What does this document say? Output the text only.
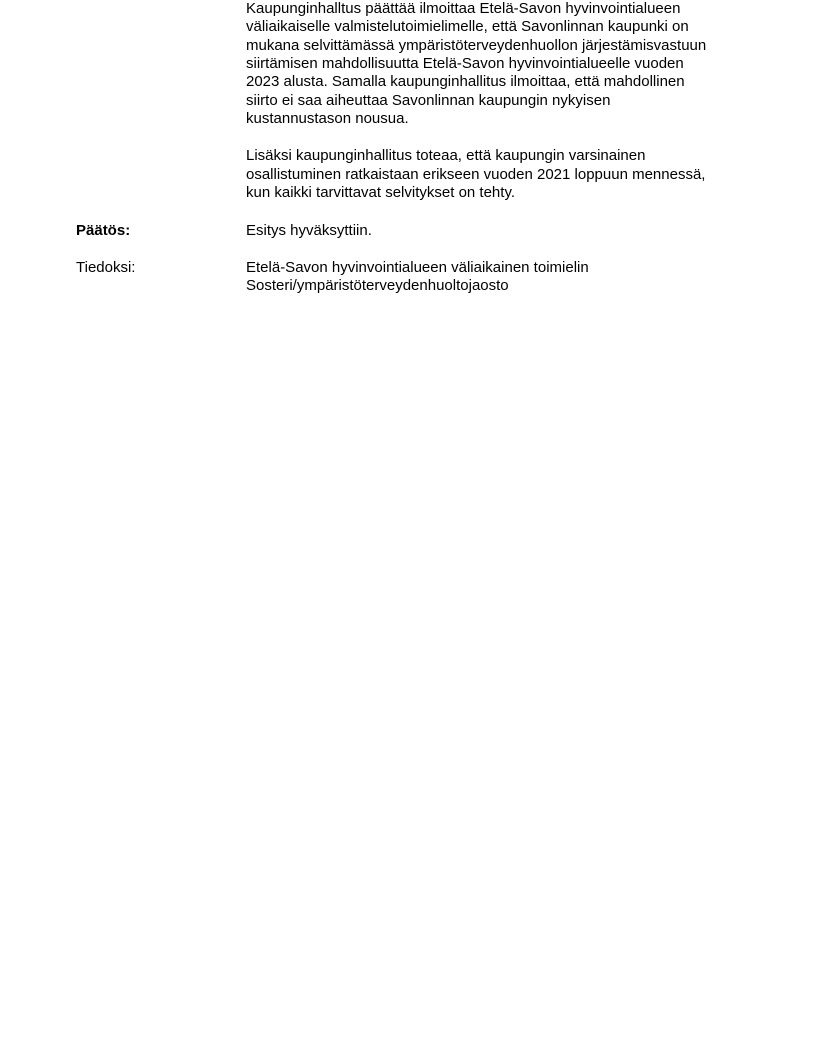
Kaupunginhalltus päättää ilmoittaa Etelä-Savon hyvinvointialueen
väliaikaiselle valmistelutoimielimelle, että Savonlinnan kaupunki on
mukana selvittämässä ympäristöterveydenhuollon järjestämisvastuun
siirtämisen mahdollisuutta Etelä-Savon hyvinvointialueelle vuoden
2023 alusta. Samalla kaupunginhallitus ilmoittaa, että mahdollinen
siirto ei saa aiheuttaa Savonlinnan kaupungin nykyisen
kustannustason nousua.
Lisäksi kaupunginhallitus toteaa, että kaupungin varsinainen
osallistuminen ratkaistaan erikseen vuoden 2021 loppuun mennessä,
kun kaikki tarvittavat selvitykset on tehty.
Päätös:	Esitys hyväksyttiin.
Tiedoksi:	Etelä-Savon hyvinvointialueen väliaikainen toimielin
Sosteri/ympäristöterveydenhuoltojaosto
